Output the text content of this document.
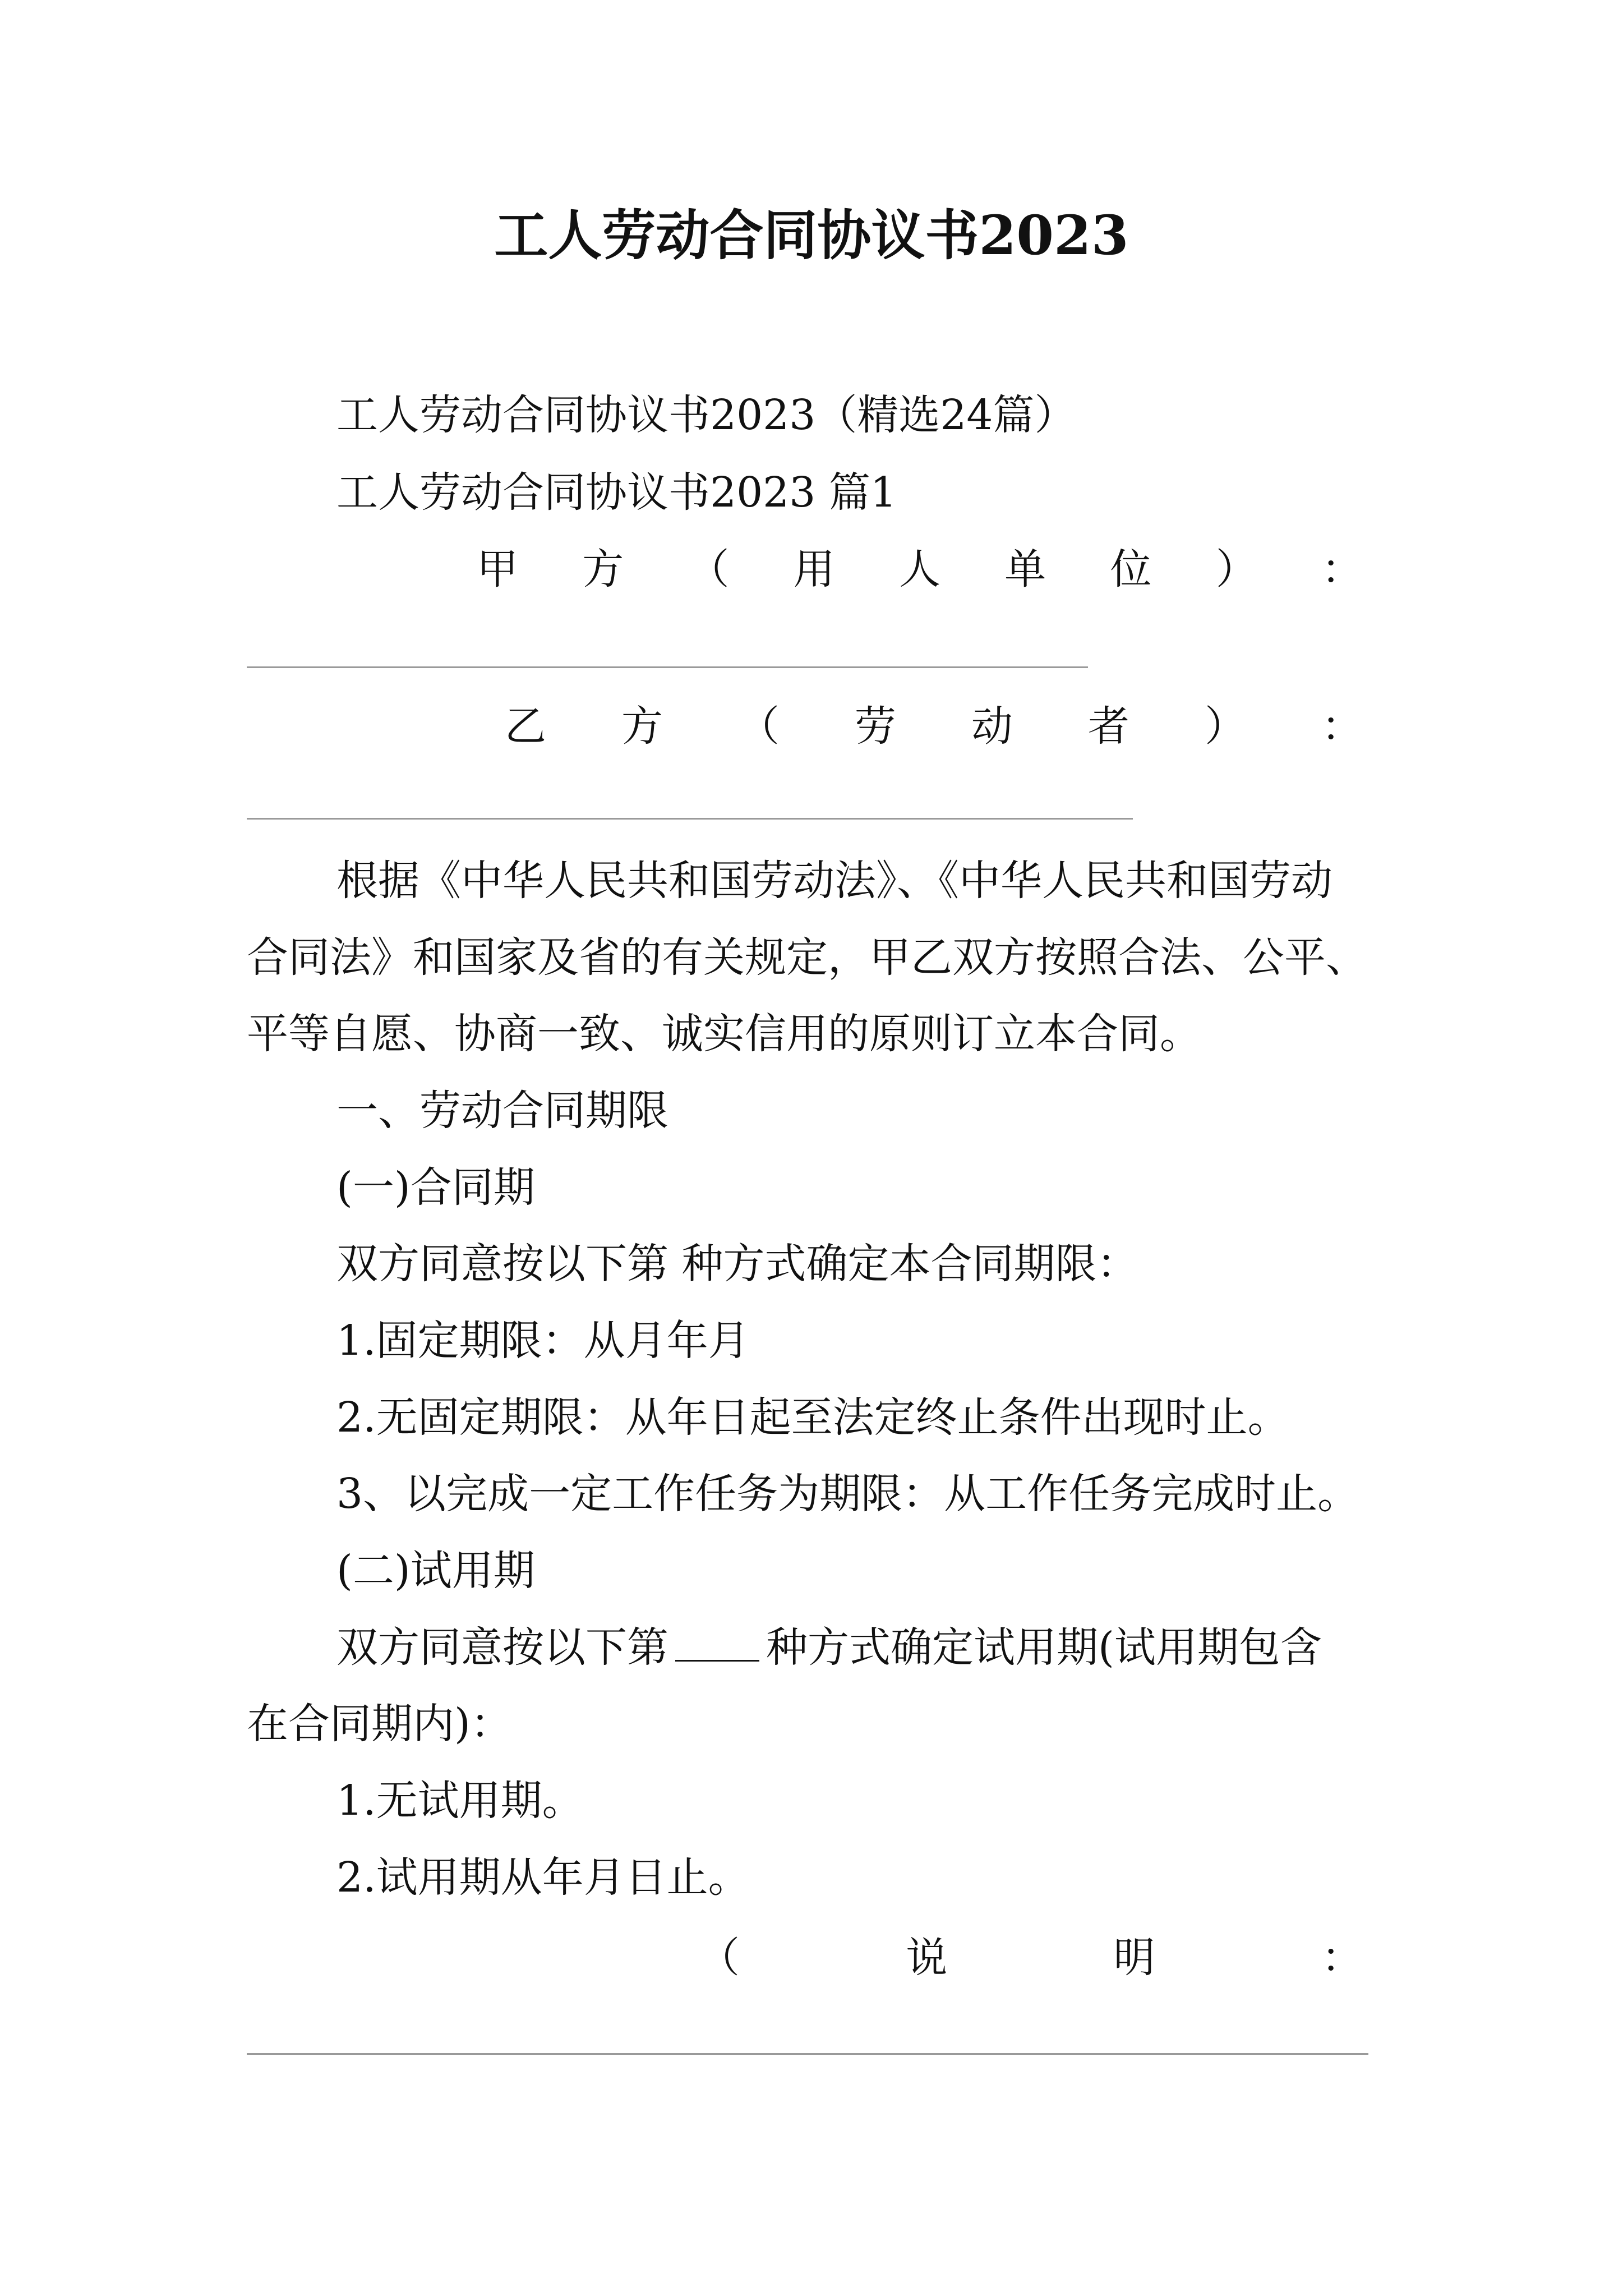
工人劳动合同协议书2023
工人劳动合同协议书2023（精选24篇）
工人劳动合同协议书2023 篇1
甲 方 （ 用 人 单 位 ） ：
乙 方 （ 劳 动 者 ） ：
根据《中华人民共和国劳动法》、《中华人民共和国劳动
合同法》和国家及省的有关规定，甲乙双方按照合法、公平、
平等自愿、协商一致、诚实信用的原则订立本合同。
一、劳动合同期限
(一)合同期
双方同意按以下第 种方式确定本合同期限：
1.固定期限：从月年月
2.无固定期限：从年日起至法定终止条件出现时止。
3、以完成一定工作任务为期限：从工作任务完成时止。
(二)试用期
双方同意按以下第 种方式确定试用期(试用期包含
在合同期内)：
1.无试用期。
2.试用期从年月日止。
（	说	明	：
